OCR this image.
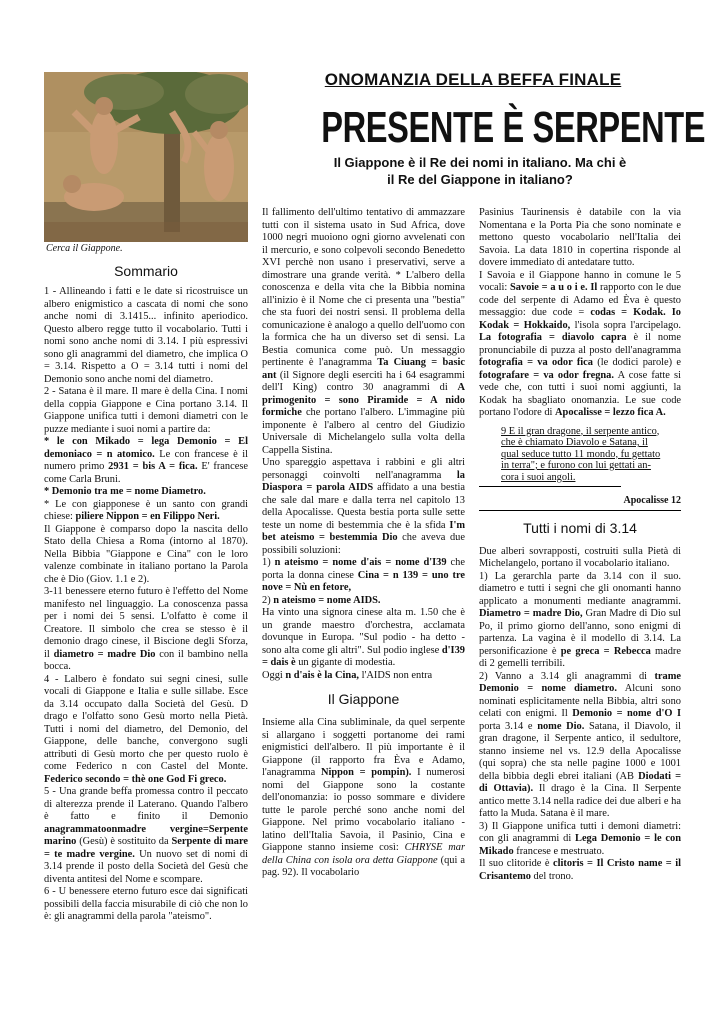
Cerca il Giappone.
ONOMANZIA DELLA BEFFA FINALE
PRESENTE È SERPENTE
Il Giappone è il Re dei nomi in italiano. Ma chi è il Re del Giappone in italiano?
Sommario

1 - Allineando i fatti e le date si ricostruisce un albero enigmistico a cascata di nomi che sono anche nomi di 3.1415... infinito aperiodico. Questo albero regge tutto il vocabolario. Tutti i nomi sono anche nomi di 3.14. I più espressivi sono gli anagrammi del diametro, che implica O = 3.14. Rispetto a O = 3.14 tutti i nomi del Demonio sono anche nomi del diametro.

2 - Satana è il mare. Il mare è della Cina. I nomi della coppia Giappone e Cina portano 3.14. Il Giappone unifica tutti i demoni diametri con le puzze mediante i suoi nomi a partire da:

* le con Mikado = lega Demonio = El demoniaco = n atomico. Le con francese è il numero primo 2931 = bis A = fica. E' francese come Carla Bruni.

* Demonio tra me = nome Diametro.

* Le con giapponese è un santo con grandi chiese: piliere Nippon = en Filippo Neri.

Il Giappone è comparso dopo la nascita dello Stato della Chiesa a Roma (intorno al 1870). Nella Bibbia "Giappone e Cina" con le loro valenze combinate in italiano portano la Parola che è Dio (Giov. 1.1 e 2).

3-11 benessere eterno futuro è l'effetto del Nome manifesto nel linguaggio. La conoscenza passa per i nomi dei 5 sensi. L'olfatto è come il Creatore. Il simbolo che crea se stesso è il demonio drago cinese, il Biscione degli Sforza, il diametro = madre Dio con il bambino nella bocca.

4 - Lalbero è fondato sui segni cinesi, sulle vocali di Giappone e Italia e sulle sillabe. Esce da 3.14 occupato dalla Società del Gesù. D drago e l'olfatto sono Gesù morto nella Pietà. Tutti i nomi del diametro, del Demonio, del Giappone, delle banche, convergono sugli attributi di Gesù morto che per questo ruolo è come Federico n con Castel del Monte. Federico secondo = thè one God Fi greco.

5 - Una grande beffa promessa contro il peccato di alterezza prende il Laterano. Quando l'albero è fatto e finito il Demonio anagrammatoonmadre vergine=Serpente marino (Gesù) è sostituito da Serpente di mare = te madre vergine. Un nuovo set di nomi di 3.14 prende il posto della Società del Gesù che diventa antitesi del Nome e scompare.

6 - U benessere eterno futuro esce dai significati possibili della faccia misurabile di ciò che non lo è: gli anagrammi della parola "ateismo".

Il fallimento dell'ultimo tentativo di ammazzare tutti con il sistema usato in Sud Africa, dove 1000 negri muoiono ogni giorno avvelenati con il mercurio, e sono colpevoli secondo Benedetto XVI perchè non usano i preservativi, serve a dimostrare una grande verità. * L'albero della conoscenza e della vita che la Bibbia nomina all'inizio è il Nome che ci presenta una "bestia" che sta fuori dei nostri sensi. Il problema della comunicazione è analogo a quello dell'uomo con la formica che ha un diverso set di sensi. La Bestia comunica come può. Un messaggio pertinente è l'anagramma Ta Ciuang = basic ant (il Signore degli esercitì ha i 64 esagrammi dell'I King) contro 30 anagrammi di A primogenito = sono Piramide = A nido formiche che portano l'albero. L'immagine più imponente è l'albero al centro del Giudizio Universale di Michelangelo sulla volta della Cappella Sistina.

Uno spareggio aspettava i rabbini e gli altri personaggi coinvolti nell'anagramma la Diaspora = parola AIDS affidato a una bestia che sale dal mare e dalla terra nel capitolo 13 della Apocalisse. Questa bestia porta sulle sette teste un nome di bestemmia che è la sfida I'm bet ateismo = bestemmia Dio che aveva due possibili soluzioni:

1) n ateismo = nome d'ais = nome d'I39 che porta la donna cinese Cina = n 139 = uno tre nove = Nù en fetore,

2) n ateismo = nome AIDS.

Ha vinto una signora cinese alta m. 1.50 che è un grande maestro d'orchestra, acclamata dovunque in Europa. "Sul podio - ha detto - sono alta come gli altri". Sul podio inglese d'I39 = dais è un gigante di modestia.

Oggi n d'ais è la Cina, l'AIDS non entra

Il Giappone

Insieme alla Cina subliminale, da quel serpente si allargano i soggetti portanome dei rami enigmistici dell'albero. Il più importante è il Giappone (il rapporto fra Èva e Adamo, l'anagramma Nippon = pompin). I numerosi nomi del Giappone sono la costante dell'onomanzia: io posso sommare e dividere tutte le parole perché sono anche nomi del Giappone. Nel primo vocabolario italiano - latino dell'Italia Savoia, il Pasinio, Cina e Giappone stanno insieme così: CHRYSE mar della China con isola ora detta Giappone (qui a pag. 92). Il vocabolario

Pasinius Taurinensis è databile con la via Nomentana e la Porta Pia che sono nominate e mettono questo vocabolario nell'Italia dei Savoia. La data 1810 in copertina risponde al dovere immediato di antedatare tutto.

I Savoia e il Giappone hanno in comune le 5 vocali: Savoie = a u o i e. Il rapporto con le due code del serpente di Adamo ed Èva è questo messaggio: due code = codas = Kodak. Io Kodak = Hokkaido, l'isola sopra l'arcipelago. La fotografia = diavolo capra è il nome pronunciabile di puzza al posto dell'anagramma fotografia = va odor fica (le dodici parole) e fotografare = va odor fregna. A cose fatte si vede che, con tutti i suoi nomi aggiunti, la Kodak ha sbagliato onomanzia. Le sue code portano l'odore di Apocalisse = lezzo fica A.

9 E il gran dragone, il serpente antico,

che è chiamato Diavolo e Satana, il

qual seduce tutto 11 mondo, fu gettato

in terra"; e furono con lui gettati an-

cora i suoi angoli.

Apocalisse 12
Tutti i nomi di 3.14

Due alberi sovrapposti, costruiti sulla Pietà di Michelangelo, portano il vocabolario italiano.

1) La gerarchla parte da 3.14 con il suo. diametro e tutti i segni che gli onomanti hanno applicato a monumenti mediante anagrammi. Diametro = madre Dio, Gran Madre di Dio sul Po, il primo giorno dell'anno, sono enigmi di partenza. La vagina è il modello di 3.14. La personificazione è pe greca = Rebecca madre di 2 gemelli terribili.

2) Vanno a 3.14 gli anagrammi di trame Demonio = nome diametro. Alcuni sono nominati esplicitamente nella Bibbia, altri sono celati con enigmi. Il Demonio = nome d'O I porta 3.14 e nome Dio. Satana, il Diavolo, il gran dragone, il Serpente antico, il sedultore, stanno insieme nel vs. 12.9 della Apocalisse (qui sopra) che sta nelle pagine 1000 e 1001 della bibbia degli ebrei italiani (AB Diodati = di Ottavia). Il drago è la Cina. Il Serpente antico mette 3.14 nella radice dei due alberi e ha fatto la Muda. Satana è il mare.

3) Il Giappone unifica tutti i demoni diametri: con gli anagrammi di Lega Demonio = le con Mikado francese e mestruato.

Il suo clitoride è clitoris = Il Cristo name = il Crisantemo del trono.
